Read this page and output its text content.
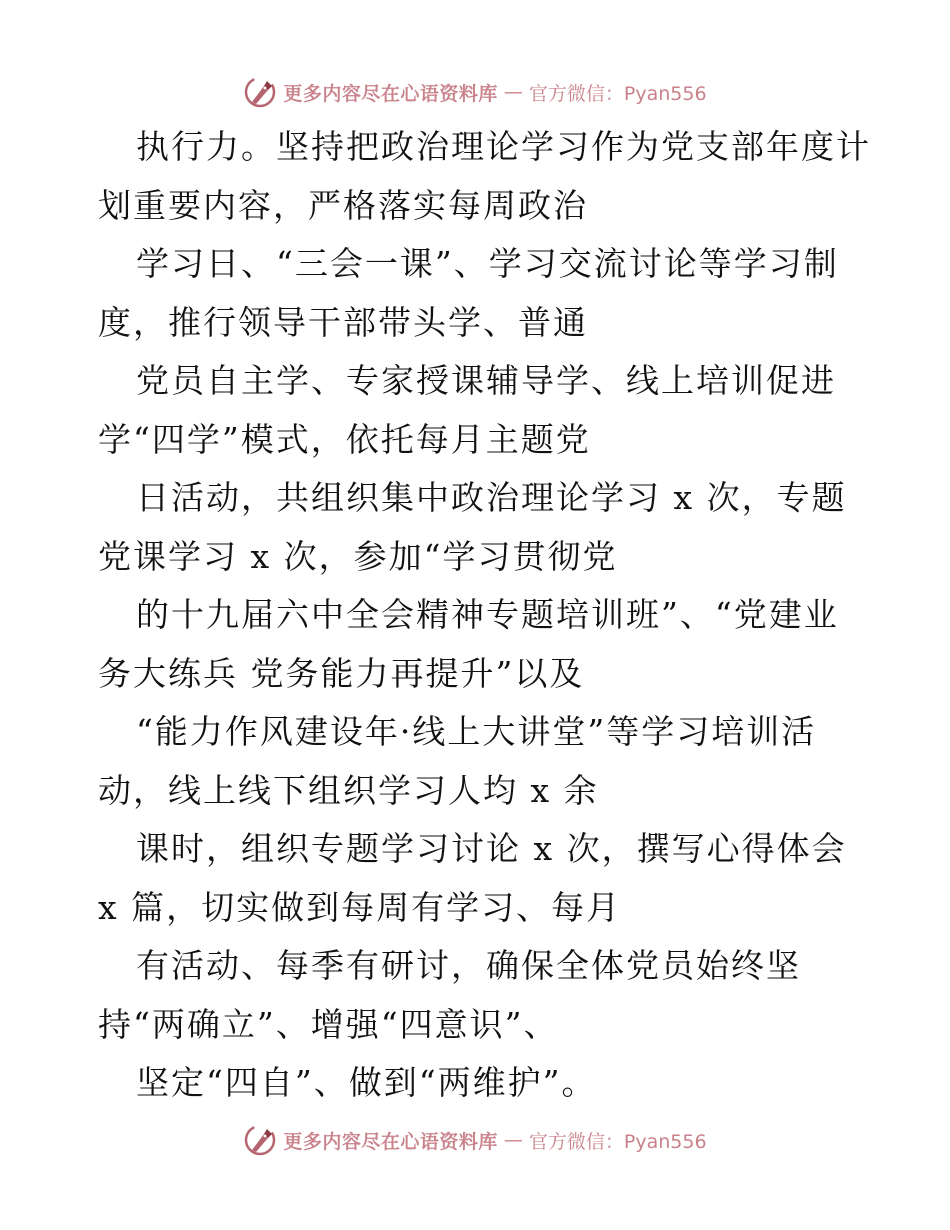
更多内容尽在心语资料库 — 官方微信：Pyan556
执行力。坚持把政治理论学习作为党支部年度计
划重要内容，严格落实每周政治
学习日、“三会一课”、学习交流讨论等学习制
度，推行领导干部带头学、普通
党员自主学、专家授课辅导学、线上培训促进
学“四学”模式，依托每月主题党
日活动，共组织集中政治理论学习 x 次，专题
党课学习 x 次，参加“学习贯彻党
的十九届六中全会精神专题培训班”、“党建业
务大练兵 党务能力再提升”以及
“能力作风建设年·线上大讲堂”等学习培训活
动，线上线下组织学习人均 x 余
课时，组织专题学习讨论 x 次，撰写心得体会
x 篇，切实做到每周有学习、每月
有活动、每季有研讨，确保全体党员始终坚
持“两确立”、增强“四意识”、
坚定“四自”、做到“两维护”。
更多内容尽在心语资料库 — 官方微信：Pyan556
